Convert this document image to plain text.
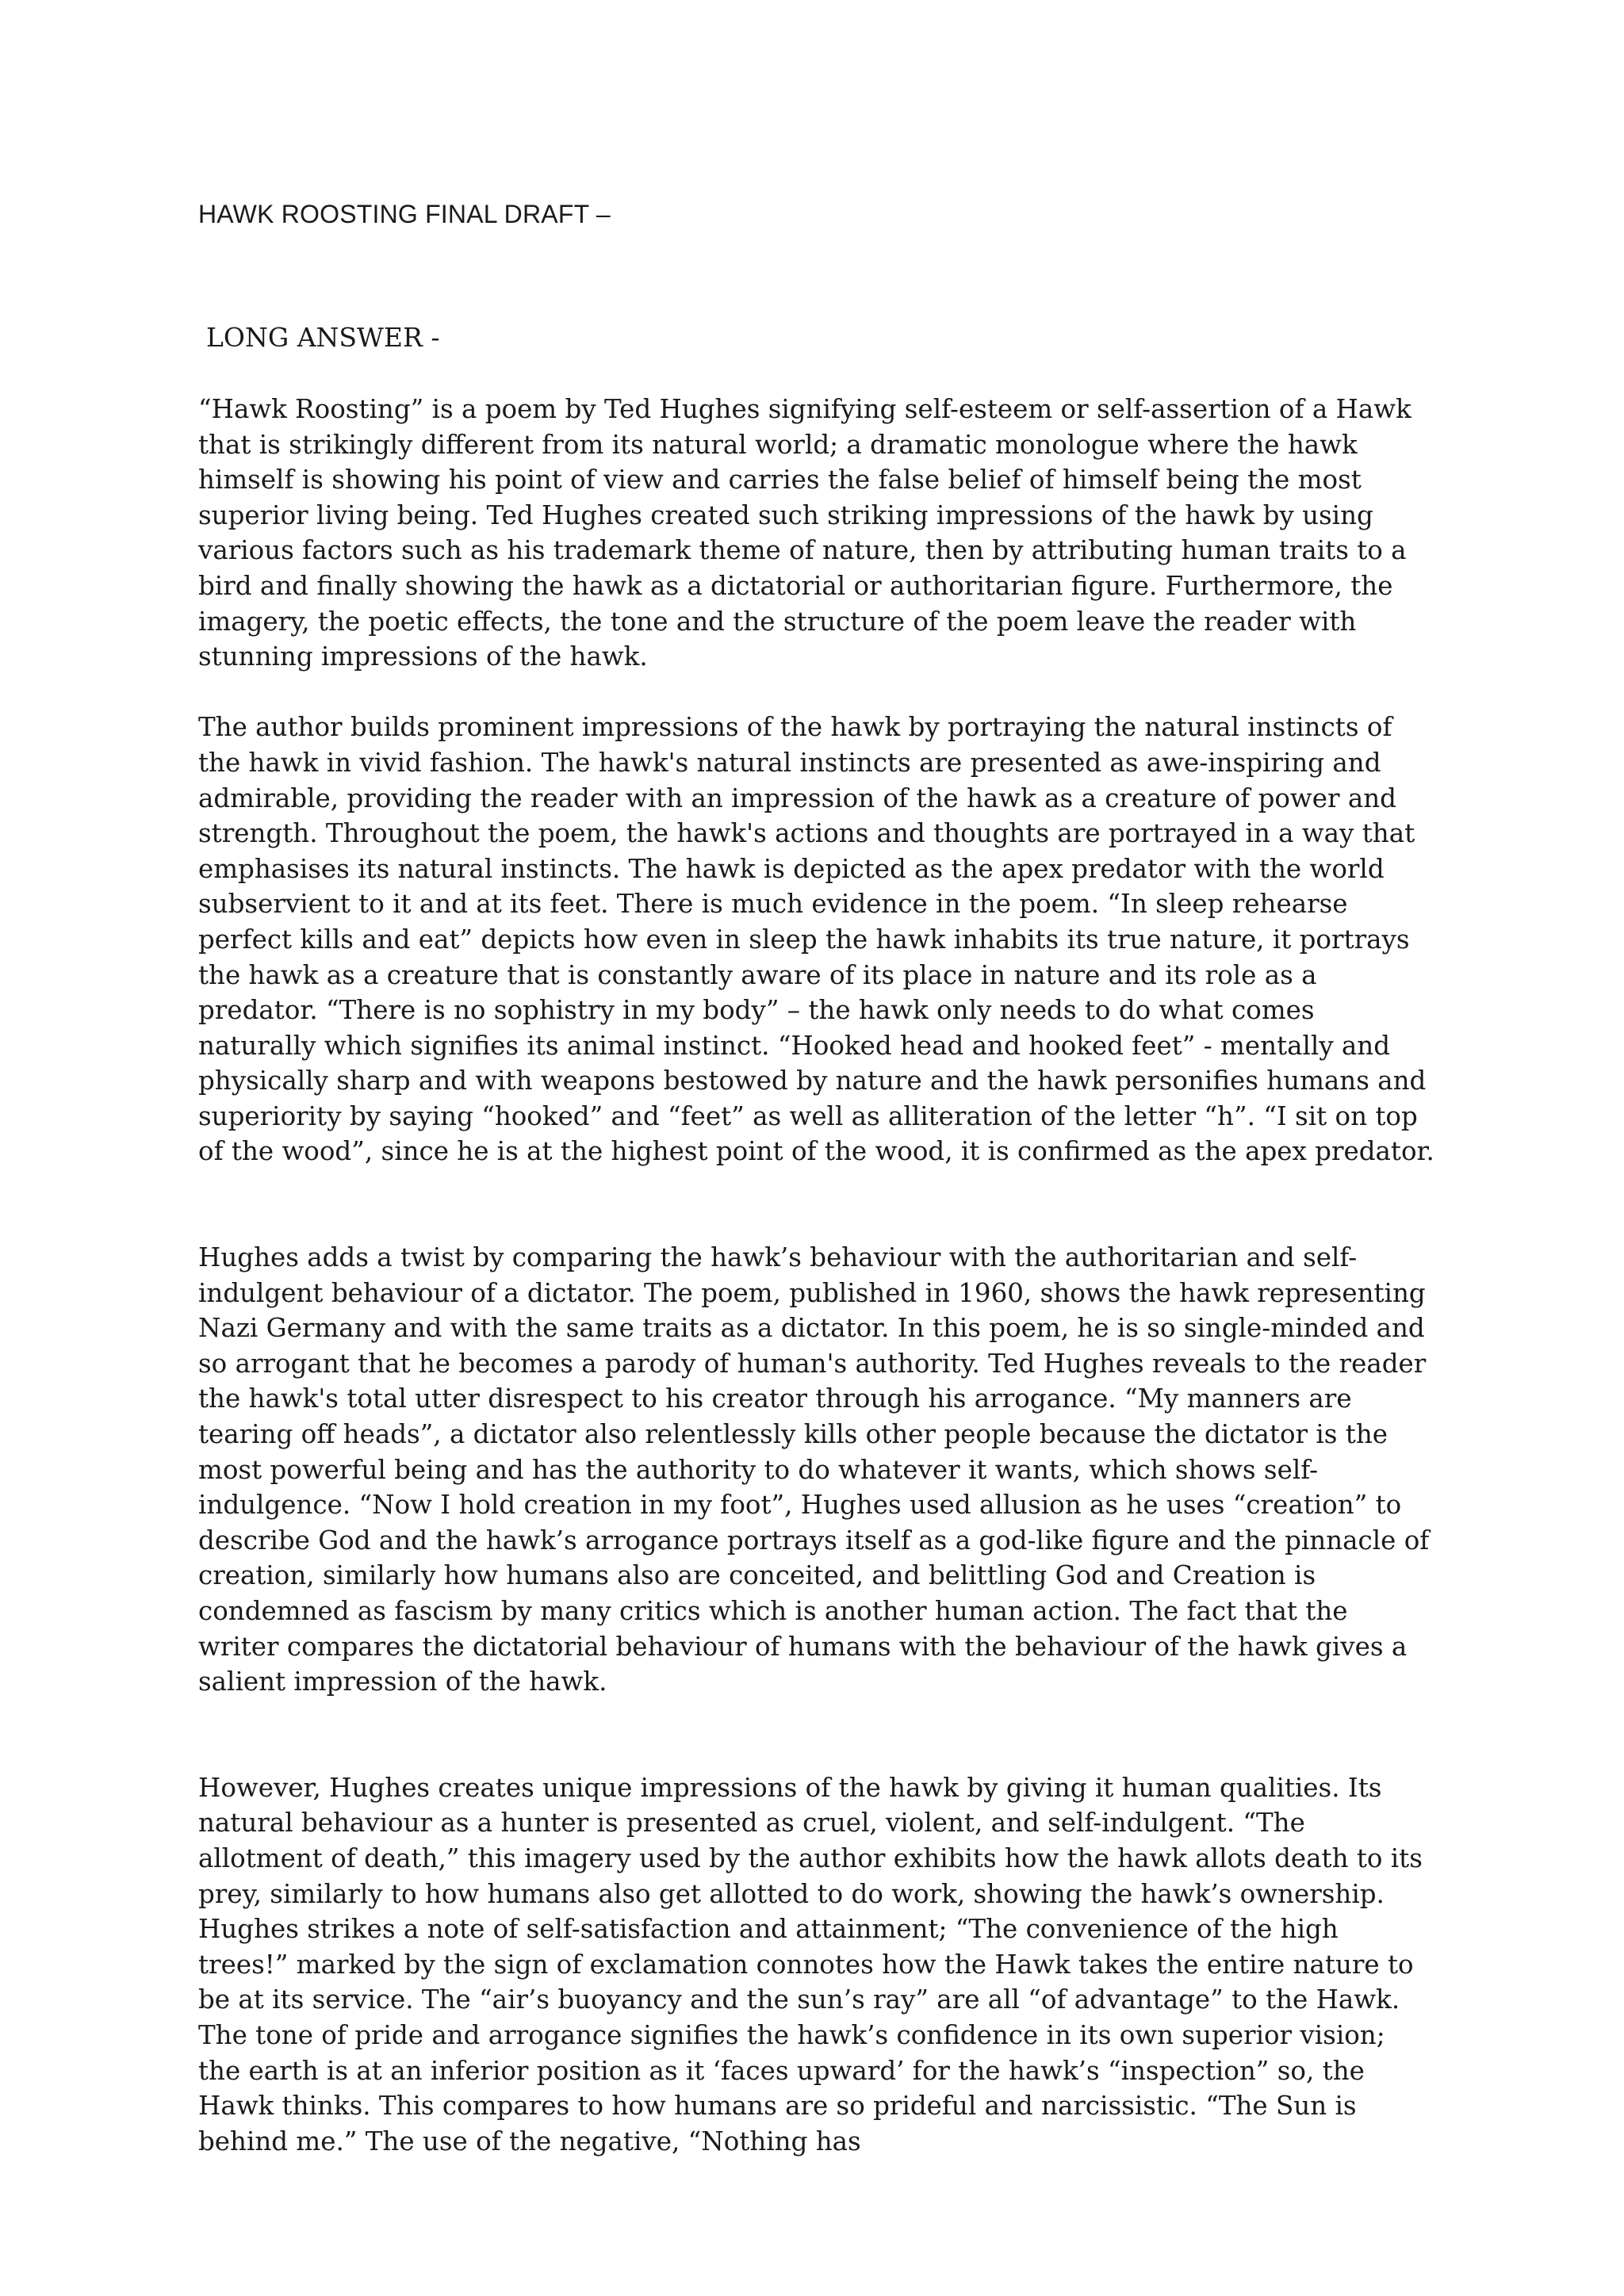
HAWK ROOSTING FINAL DRAFT –
LONG ANSWER -

“Hawk Roosting” is a poem by Ted Hughes signifying self-esteem or self-assertion of a Hawk that is strikingly different from its natural world; a dramatic monologue where the hawk himself is showing his point of view and carries the false belief of himself being the most superior living being. Ted Hughes created such striking impressions of the hawk by using various factors such as his trademark theme of nature, then by attributing human traits to a bird and finally showing the hawk as a dictatorial or authoritarian figure. Furthermore, the imagery, the poetic effects, the tone and the structure of the poem leave the reader with stunning impressions of the hawk.

The author builds prominent impressions of the hawk by portraying the natural instincts of the hawk in vivid fashion. The hawk's natural instincts are presented as awe-inspiring and admirable, providing the reader with an impression of the hawk as a creature of power and strength. Throughout the poem, the hawk's actions and thoughts are portrayed in a way that emphasises its natural instincts. The hawk is depicted as the apex predator with the world subservient to it and at its feet. There is much evidence in the poem. “In sleep rehearse perfect kills and eat” depicts how even in sleep the hawk inhabits its true nature, it portrays the hawk as a creature that is constantly aware of its place in nature and its role as a predator. “There is no sophistry in my body” – the hawk only needs to do what comes naturally which signifies its animal instinct. “Hooked head and hooked feet” - mentally and physically sharp and with weapons bestowed by nature and the hawk personifies humans and superiority by saying “hooked” and “feet” as well as alliteration of the letter “h”. “I sit on top of the wood”, since he is at the highest point of the wood, it is confirmed as the apex predator.

Hughes adds a twist by comparing the hawk’s behaviour with the authoritarian and self-indulgent behaviour of a dictator. The poem, published in 1960, shows the hawk representing Nazi Germany and with the same traits as a dictator. In this poem, he is so single-minded and so arrogant that he becomes a parody of human's authority. Ted Hughes reveals to the reader the hawk's total utter disrespect to his creator through his arrogance. “My manners are tearing off heads”, a dictator also relentlessly kills other people because the dictator is the most powerful being and has the authority to do whatever it wants, which shows self-indulgence. “Now I hold creation in my foot”, Hughes used allusion as he uses “creation” to describe God and the hawk’s arrogance portrays itself as a god-like figure and the pinnacle of creation, similarly how humans also are conceited, and belittling God and Creation is condemned as fascism by many critics which is another human action. The fact that the writer compares the dictatorial behaviour of humans with the behaviour of the hawk gives a salient impression of the hawk.

However, Hughes creates unique impressions of the hawk by giving it human qualities. Its natural behaviour as a hunter is presented as cruel, violent, and self-indulgent. “The allotment of death,” this imagery used by the author exhibits how the hawk allots death to its prey, similarly to how humans also get allotted to do work, showing the hawk’s ownership. Hughes strikes a note of self-satisfaction and attainment; “The convenience of the high trees!” marked by the sign of exclamation connotes how the Hawk takes the entire nature to be at its service. The “air’s buoyancy and the sun’s ray” are all “of advantage” to the Hawk. The tone of pride and arrogance signifies the hawk’s confidence in its own superior vision; the earth is at an inferior position as it ‘faces upward’ for the hawk’s “inspection” so, the Hawk thinks. This compares to how humans are so prideful and narcissistic. “The Sun is behind me.” The use of the negative, “Nothing has
